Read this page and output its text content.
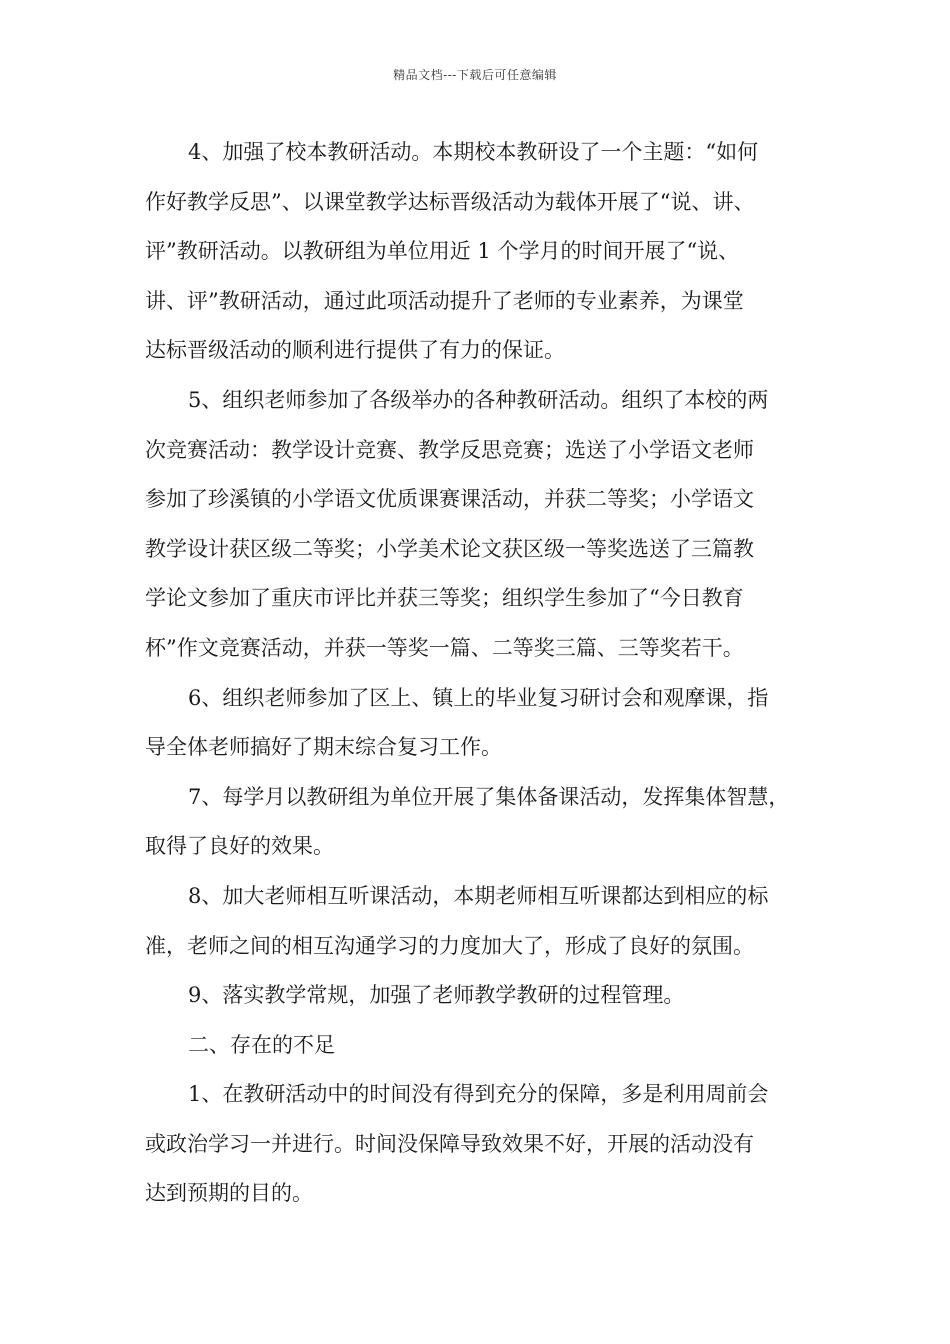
精品文档---下载后可任意编辑
4、加强了校本教研活动。本期校本教研设了一个主题：“如何
作好教学反思”、以课堂教学达标晋级活动为载体开展了“说、讲、
评”教研活动。以教研组为单位用近 1 个学月的时间开展了“说、
讲、评”教研活动，通过此项活动提升了老师的专业素养，为课堂
达标晋级活动的顺利进行提供了有力的保证。
5、组织老师参加了各级举办的各种教研活动。组织了本校的两
次竞赛活动：教学设计竞赛、教学反思竞赛；选送了小学语文老师
参加了珍溪镇的小学语文优质课赛课活动，并获二等奖；小学语文
教学设计获区级二等奖；小学美术论文获区级一等奖选送了三篇教
学论文参加了重庆市评比并获三等奖；组织学生参加了“今日教育
杯”作文竞赛活动，并获一等奖一篇、二等奖三篇、三等奖若干。
6、组织老师参加了区上、镇上的毕业复习研讨会和观摩课，指
导全体老师搞好了期末综合复习工作。
7、每学月以教研组为单位开展了集体备课活动，发挥集体智慧，
取得了良好的效果。
8、加大老师相互听课活动，本期老师相互听课都达到相应的标
准，老师之间的相互沟通学习的力度加大了，形成了良好的氛围。
9、落实教学常规，加强了老师教学教研的过程管理。
二、存在的不足
1、在教研活动中的时间没有得到充分的保障，多是利用周前会
或政治学习一并进行。时间没保障导致效果不好，开展的活动没有
达到预期的目的。
